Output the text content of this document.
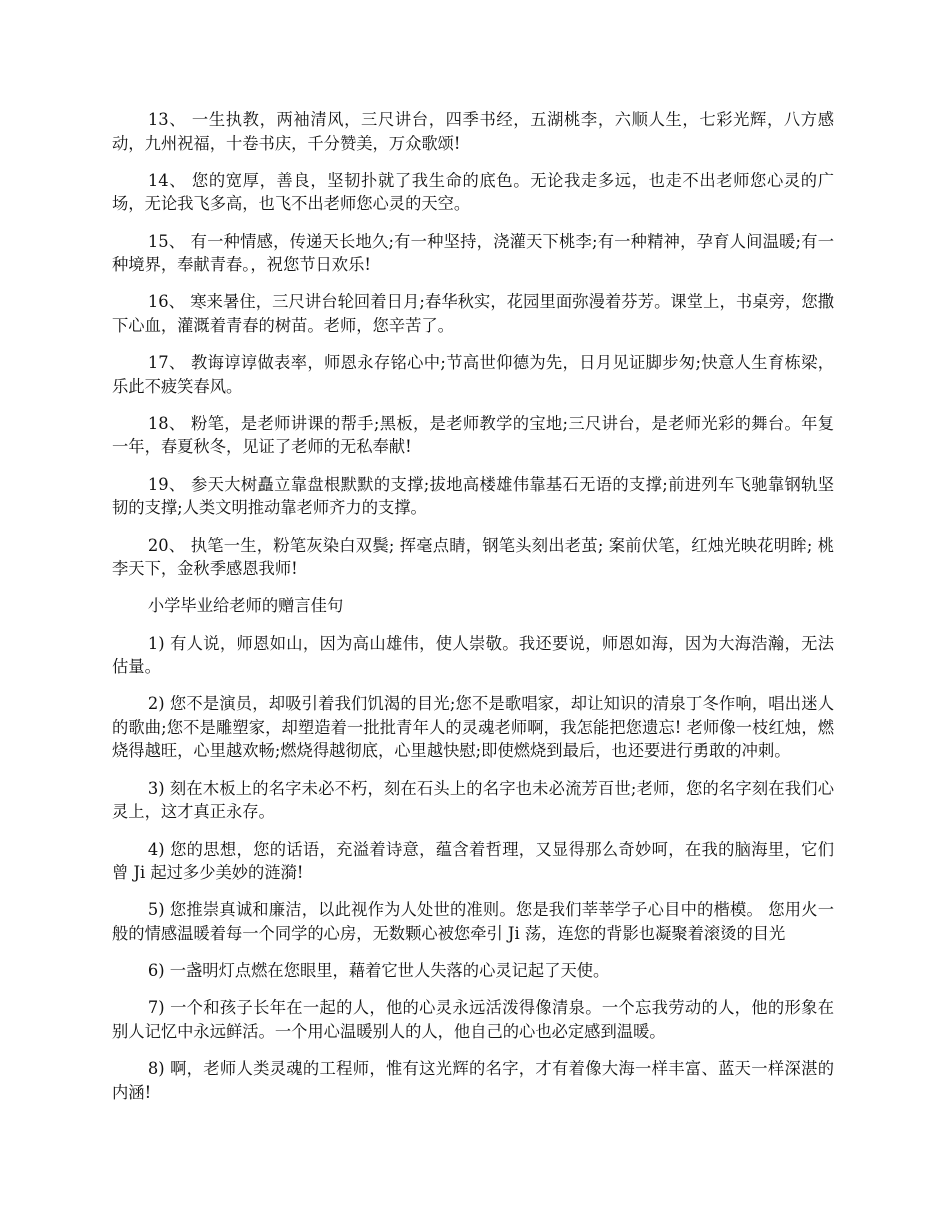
13、 一生执教，两袖清风，三尺讲台，四季书经，五湖桃李，六顺人生，七彩光辉，八方感动，九州祝福，十卷书庆，千分赞美，万众歌颂!

14、 您的宽厚，善良，坚韧扑就了我生命的底色。无论我走多远，也走不出老师您心灵的广场，无论我飞多高，也飞不出老师您心灵的天空。

15、 有一种情感，传递天长地久;有一种坚持，浇灌天下桃李;有一种精神，孕育人间温暖;有一种境界，奉献青春。，祝您节日欢乐!

16、 寒来暑住，三尺讲台轮回着日月;春华秋实，花园里面弥漫着芬芳。课堂上，书桌旁，您撒下心血，灌溉着青春的树苗。老师，您辛苦了。

17、 教诲谆谆做表率，师恩永存铭心中;节高世仰德为先，日月见证脚步匆;快意人生育栋梁，乐此不疲笑春风。

18、 粉笔，是老师讲课的帮手;黑板，是老师教学的宝地;三尺讲台，是老师光彩的舞台。年复一年，春夏秋冬，见证了老师的无私奉献!

19、 参天大树矗立靠盘根默默的支撑;拔地高楼雄伟靠基石无语的支撑;前进列车飞驰靠钢轨坚韧的支撑;人类文明推动靠老师齐力的支撑。

20、 执笔一生，粉笔灰染白双鬓; 挥毫点睛，钢笔头刻出老茧; 案前伏笔，红烛光映花明眸; 桃李天下，金秋季感恩我师!

小学毕业给老师的赠言佳句

1) 有人说，师恩如山，因为高山雄伟，使人崇敬。我还要说，师恩如海，因为大海浩瀚，无法估量。

2) 您不是演员，却吸引着我们饥渴的目光;您不是歌唱家，却让知识的清泉丁冬作响，唱出迷人的歌曲;您不是雕塑家，却塑造着一批批青年人的灵魂老师啊，我怎能把您遗忘! 老师像一枝红烛，燃烧得越旺，心里越欢畅;燃烧得越彻底，心里越快慰;即使燃烧到最后，也还要进行勇敢的冲刺。

3) 刻在木板上的名字未必不朽，刻在石头上的名字也未必流芳百世;老师，您的名字刻在我们心灵上，这才真正永存。

4) 您的思想，您的话语，充溢着诗意，蕴含着哲理，又显得那么奇妙呵，在我的脑海里，它们曾 Ji 起过多少美妙的涟漪!

5) 您推崇真诚和廉洁，以此视作为人处世的准则。您是我们莘莘学子心目中的楷模。 您用火一般的情感温暖着每一个同学的心房，无数颗心被您牵引 Ji 荡，连您的背影也凝聚着滚烫的目光

6) 一盏明灯点燃在您眼里，藉着它世人失落的心灵记起了天使。

7) 一个和孩子长年在一起的人，他的心灵永远活泼得像清泉。一个忘我劳动的人，他的形象在别人记忆中永远鲜活。一个用心温暖别人的人，他自己的心也必定感到温暖。

8) 啊，老师人类灵魂的工程师，惟有这光辉的名字，才有着像大海一样丰富、蓝天一样深湛的内涵!
